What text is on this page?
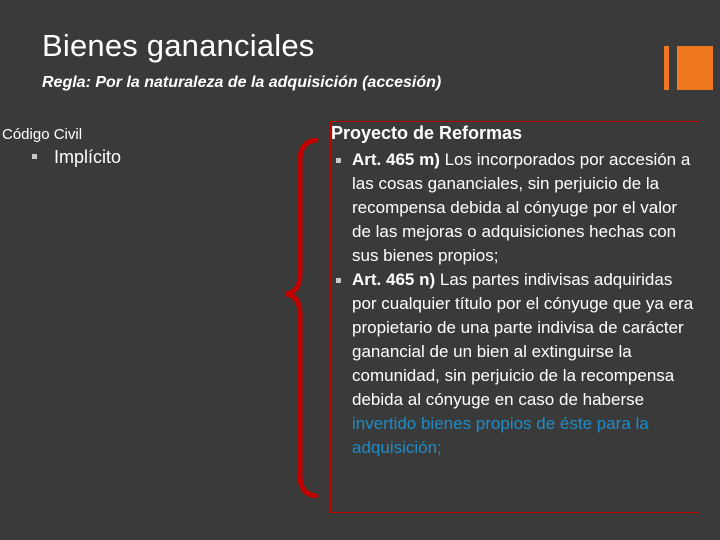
Bienes gananciales
Regla: Por la naturaleza de la adquisición (accesión)
Código Civil
Implícito
Proyecto de Reformas
Art. 465 m) Los incorporados por accesión a las cosas gananciales, sin perjuicio de la recompensa debida al cónyuge por el valor de las mejoras o adquisiciones hechas con sus bienes propios;
Art. 465 n) Las partes indivisas adquiridas por cualquier título por el cónyuge que ya era propietario de una parte indivisa de carácter ganancial de un bien al extinguirse la comunidad, sin perjuicio de la recompensa debida al cónyuge en caso de haberse invertido bienes propios de éste para la adquisición;
